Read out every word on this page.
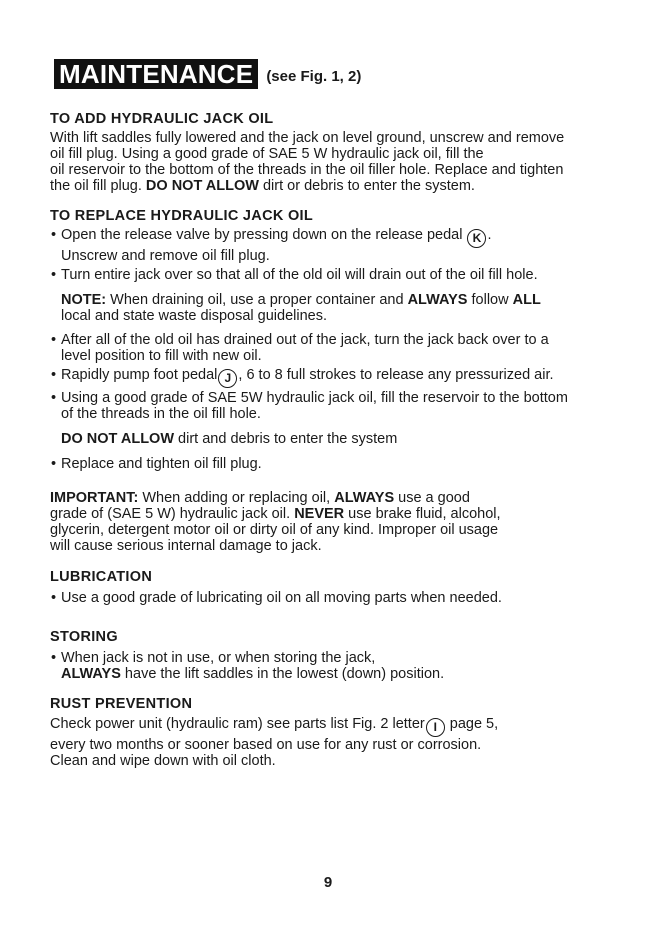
MAINTENANCE (see Fig. 1, 2)

TO ADD HYDRAULIC JACK OIL

With lift saddles fully lowered and the jack on level ground, unscrew and remove

oil fill plug. Using a good grade of SAE 5 W hydraulic jack oil, fill the

oil reservoir to the bottom of the threads in the oil filler hole. Replace and tighten

the oil fill plug. DO NOT ALLOW dirt or debris to enter the system.

TO REPLACE HYDRAULIC JACK OIL

• Open the release valve by pressing down on the release pedal K .
Unscrew and remove oil fill plug.
• Turn entire jack over so that all of the old oil will drain out of the oil fill hole.
NOTE: When draining oil, use a proper container and ALWAYS follow ALL
local and state waste disposal guidelines.
• After all of the old oil has drained out of the jack, turn the jack back over to a
level position to fill with new oil.
• Rapidly pump foot pedal J , 6 to 8 full strokes to release any pressurized air.
• Using a good grade of SAE 5W hydraulic jack oil, fill the reservoir to the bottom
of the threads in the oil fill hole.
DO NOT ALLOW dirt and debris to enter the system
• Replace and tighten oil fill plug.

IMPORTANT: When adding or replacing oil, ALWAYS use a good

grade of (SAE 5 W) hydraulic jack oil. NEVER use brake fluid, alcohol,

glycerin, detergent motor oil or dirty oil of any kind. Improper oil usage

will cause serious internal damage to jack.

LUBRICATION

• Use a good grade of lubricating oil on all moving parts when needed.

STORING

• When jack is not in use, or when storing the jack,
ALWAYS have the lift saddles in the lowest (down) position.

RUST PREVENTION

Check power unit (hydraulic ram) see parts list Fig. 2 letter I page 5,

every two months or sooner based on use for any rust or corrosion.

Clean and wipe down with oil cloth.

9
